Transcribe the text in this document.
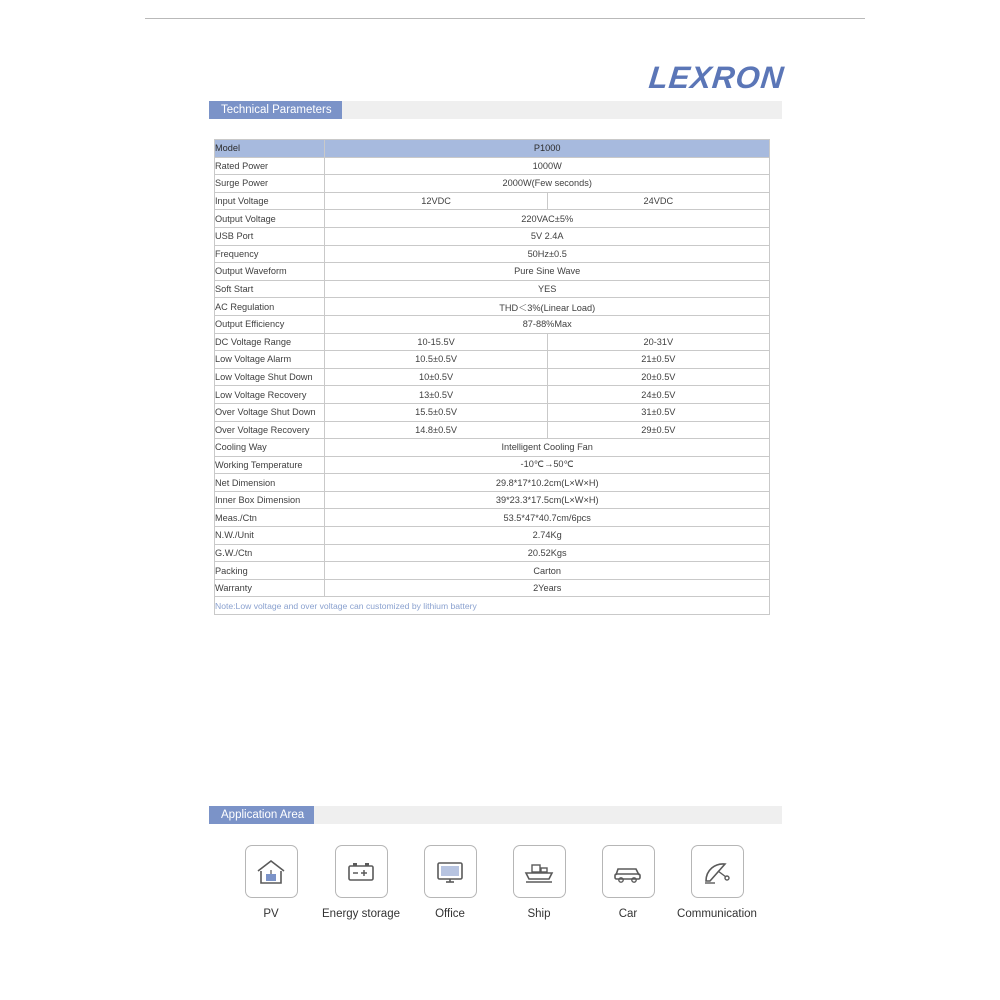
LEXRON
Technical Parameters
Model	P1000	
Rated Power	1000W	
Surge Power	2000W(Few seconds)	
Input Voltage	12VDC	24VDC
Output Voltage	220VAC±5%	
USB Port	5V 2.4A	
Frequency	50Hz±0.5	
Output Waveform	Pure Sine Wave	
Soft Start	YES	
AC Regulation	THD＜3%(Linear Load)	
Output Efficiency	87-88%Max	
DC Voltage Range	10-15.5V	20-31V
Low Voltage Alarm	10.5±0.5V	21±0.5V
Low Voltage Shut Down	10±0.5V	20±0.5V
Low Voltage Recovery	13±0.5V	24±0.5V
Over Voltage Shut Down	15.5±0.5V	31±0.5V
Over Voltage Recovery	14.8±0.5V	29±0.5V
Cooling Way	Intelligent Cooling Fan	
Working Temperature	-10℃→50℃	
Net Dimension	29.8*17*10.2cm(L×W×H)	
Inner Box Dimension	39*23.3*17.5cm(L×W×H)	
Meas./Ctn	53.5*47*40.7cm/6pcs	
N.W./Unit	2.74Kg	
G.W./Ctn	20.52Kgs	
Packing	Carton	
Warranty	2Years	
Note:Low voltage and over voltage can customized by lithium battery		
Application Area
PV	Energy storage	Office	Ship	Car	Communication
